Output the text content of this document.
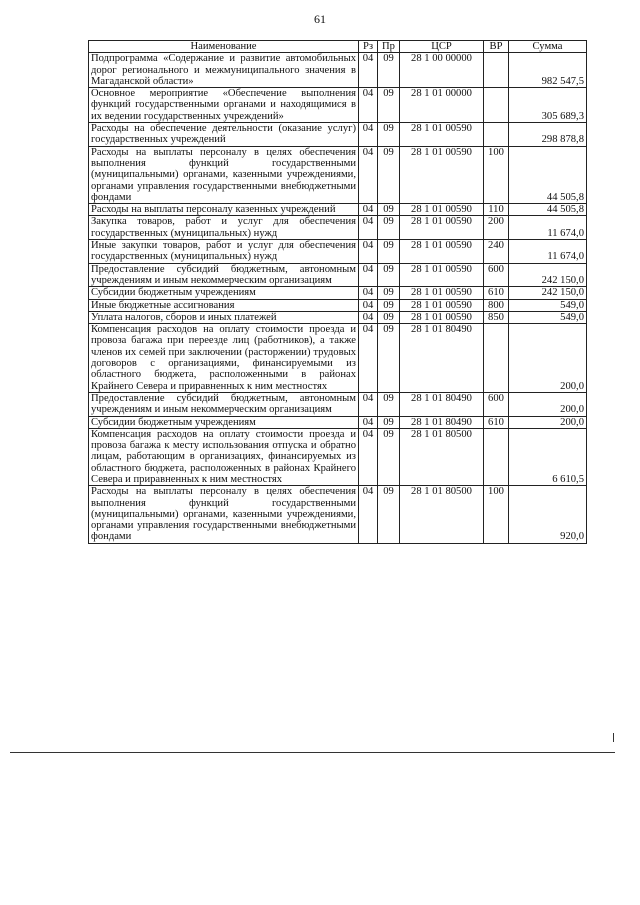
61
Наименование	Рз	Пр	ЦСР	ВР	Сумма
Подпрограмма «Содержание и развитие автомобильных дорог регионального и межмуниципального значения в Магаданской области»	04	09	28 1 00 00000		982 547,5
Основное мероприятие «Обеспечение выполнения функций государственными органами и находящимися в их ведении государственных учреждений»	04	09	28 1 01 00000		305 689,3
Расходы на обеспечение деятельности (оказание услуг) государственных учреждений	04	09	28 1 01 00590		298 878,8
Расходы на выплаты персоналу в целях обеспечения выполнения функций государственными (муниципальными) органами, казенными учреждениями, органами управления государственными внебюджетными фондами	04	09	28 1 01 00590	100	44 505,8
Расходы на выплаты персоналу казенных учреждений	04	09	28 1 01 00590	110	44 505,8
Закупка товаров, работ и услуг для обеспечения государственных (муниципальных) нужд	04	09	28 1 01 00590	200	11 674,0
Иные закупки товаров, работ и услуг для обеспечения государственных (муниципальных) нужд	04	09	28 1 01 00590	240	11 674,0
Предоставление субсидий бюджетным, автономным учреждениям и иным некоммерческим организациям	04	09	28 1 01 00590	600	242 150,0
Субсидии бюджетным учреждениям	04	09	28 1 01 00590	610	242 150,0
Иные бюджетные ассигнования	04	09	28 1 01 00590	800	549,0
Уплата налогов, сборов и иных платежей	04	09	28 1 01 00590	850	549,0
Компенсация расходов на оплату стоимости проезда и провоза багажа при переезде лиц (работников), а также членов их семей при заключении (расторжении) трудовых договоров с организациями, финансируемыми из областного бюджета, расположенными в районах Крайнего Севера и приравненных к ним местностях	04	09	28 1 01 80490		200,0
Предоставление субсидий бюджетным, автономным учреждениям и иным некоммерческим организациям	04	09	28 1 01 80490	600	200,0
Субсидии бюджетным учреждениям	04	09	28 1 01 80490	610	200,0
Компенсация расходов на оплату стоимости проезда и провоза багажа к месту использования отпуска и обратно лицам, работающим в организациях, финансируемых из областного бюджета, расположенных в районах Крайнего Севера и приравненных к ним местностях	04	09	28 1 01 80500		6 610,5
Расходы на выплаты персоналу в целях обеспечения выполнения функций государственными (муниципальными) органами, казенными учреждениями, органами управления государственными внебюджетными фондами	04	09	28 1 01 80500	100	920,0
